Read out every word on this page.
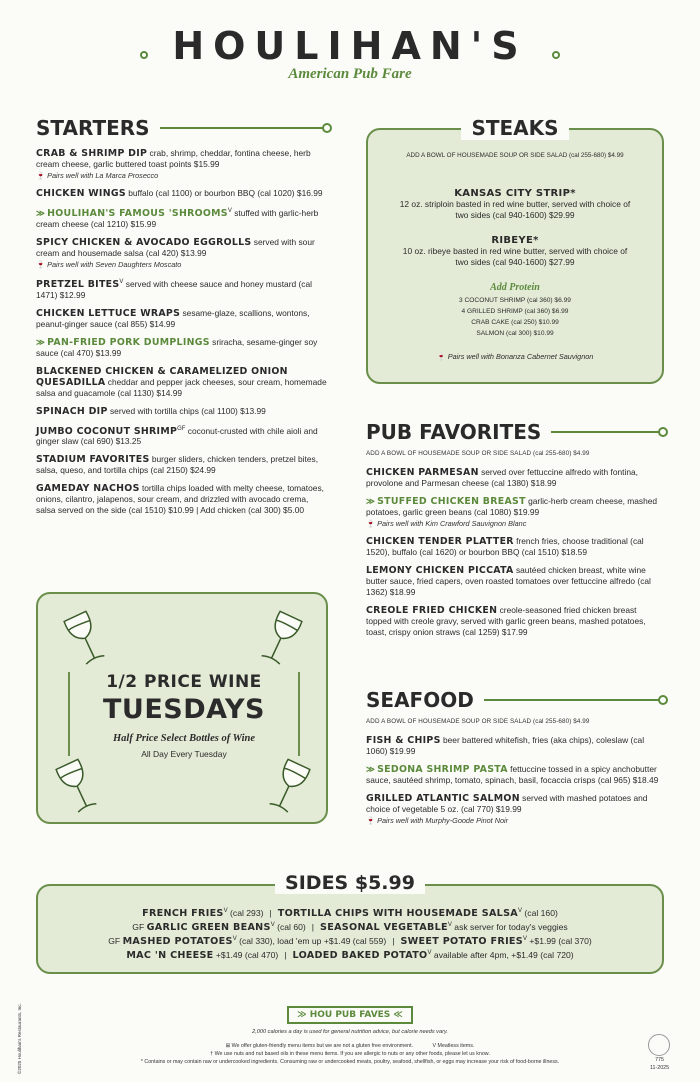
HOULIHAN'S
American Pub Fare
STARTERS
CRAB & SHRIMP DIP crab, shrimp, cheddar, fontina cheese, herb cream cheese, garlic buttered toast points $15.99
🍷 Pairs well with La Marca Prosecco
CHICKEN WINGS buffalo (cal 1100) or bourbon BBQ (cal 1020) $16.99
≫ HOULIHAN'S FAMOUS '$SHROOMS^V$ stuffed with garlic-herb cream cheese (cal 1210) $15.99
SPICY CHICKEN & AVOCADO EGGROLLS served with sour cream and housemade salsa (cal 420) $13.99
🍷 Pairs well with Seven Daughters Moscato
PRETZEL $BITES^V$ served with cheese sauce and honey mustard (cal 1471) $12.99
CHICKEN LETTUCE WRAPS sesame-glaze, scallions, wontons, peanut-ginger sauce (cal 855) $14.99
≫ PAN-FRIED PORK DUMPLINGS sriracha, sesame-ginger soy sauce (cal 470) $13.99
BLACKENED CHICKEN & CARAMELIZED ONION QUESADILLA cheddar and pepper jack cheeses, sour cream, homemade salsa and guacamole (cal 1130) $14.99
SPINACH DIP served with tortilla chips (cal 1100) $13.99
JUMBO COCONUT $SHRIMP^{GF}$ coconut-crusted with chile aioli and ginger slaw (cal 690) $13.25
STADIUM FAVORITES burger sliders, chicken tenders, pretzel bites, salsa, queso, and tortilla chips (cal 2150) $24.99
GAMEDAY NACHOS tortilla chips loaded with melty cheese, tomatoes, onions, cilantro, jalapenos, sour cream, and drizzled with avocado crema, salsa served on the side (cal 1510) $10.99 | Add chicken (cal 300) $5.00
1/2 PRICE WINE
TUESDAYS
Half Price Select Bottles of Wine
All Day Every Tuesday
STEAKS
ADD A BOWL OF HOUSEMADE SOUP OR SIDE SALAD (cal 255-680) $4.99
KANSAS CITY STRIP*
12 oz. striploin basted in red wine butter, served with choice of two sides (cal 940-1600) $29.99
RIBEYE*
10 oz. ribeye basted in red wine butter, served with choice of two sides (cal 940-1600) $27.99
Add Protein
3 COCONUT SHRIMP (cal 360) $6.99
4 GRILLED SHRIMP (cal 360) $6.99
CRAB CAKE (cal 250) $10.99
SALMON (cal 300) $10.99
🍷 Pairs well with Bonanza Cabernet Sauvignon
PUB FAVORITES
ADD A BOWL OF HOUSEMADE SOUP OR SIDE SALAD (cal 255-680) $4.99
CHICKEN PARMESAN served over fettuccine alfredo with fontina, provolone and Parmesan cheese (cal 1380) $18.99
≫ STUFFED CHICKEN BREAST garlic-herb cream cheese, mashed potatoes, garlic green beans (cal 1080) $19.99
🍷 Pairs well with Kim Crawford Sauvignon Blanc
CHICKEN TENDER PLATTER french fries, choose traditional (cal 1520), buffalo (cal 1620) or bourbon BBQ (cal 1510) $18.59
LEMONY CHICKEN PICCATA sautéed chicken breast, white wine butter sauce, fried capers, oven roasted tomatoes over fettuccine alfredo (cal 1362) $18.99
CREOLE FRIED CHICKEN creole-seasoned fried chicken breast topped with creole gravy, served with garlic green beans, mashed potatoes, toast, crispy onion straws (cal 1259) $17.99
SEAFOOD
ADD A BOWL OF HOUSEMADE SOUP OR SIDE SALAD (cal 255-680) $4.99
FISH & CHIPS beer battered whitefish, fries (aka chips), coleslaw (cal 1060) $19.99
≫ SEDONA SHRIMP PASTA fettuccine tossed in a spicy anchobutter sauce, sautéed shrimp, tomato, spinach, basil, focaccia crisps (cal 965) $18.49
GRILLED ATLANTIC SALMON served with mashed potatoes and choice of vegetable 5 oz. (cal 770) $19.99
🍷 Pairs well with Murphy-Goode Pinot Noir
SIDES $5.99
FRENCH $FRIES^V$ (cal 293) | TORTILLA CHIPS WITH HOUSEMADE $SALSA^V$ (cal 160)
GF GARLIC GREEN $BEANS^V$ (cal 60) | SEASONAL $VEGETABLE^V$ ask server for today's veggies
GF MASHED $POTATOES^V$ (cal 330), load 'em up +$1.49 (cal 559) | SWEET POTATO $FRIES^V$ +$1.99 (cal 370)
MAC 'N CHEESE +$1.49 (cal 470) | LOADED BAKED $POTATO^V$ available after 4pm, +$1.49 (cal 720)
≫ HOU PUB FAVES ≪
2,000 calories a day is used for general nutrition advice, but calorie needs vary.
⊞ We offer gluten-friendly menu items but we are not a gluten free environment.	V Meatless items.
† We use nuts and nut based oils in these menu items. If you are allergic to nuts or any other foods, please let us know.
* Contains or may contain raw or undercooked ingredients. Consuming raw or undercooked meats, poultry, seafood, shellfish, or eggs may increase your risk of food-borne illness.	775
11-2025
©2025 Houlihan's Restaurants, Inc.
